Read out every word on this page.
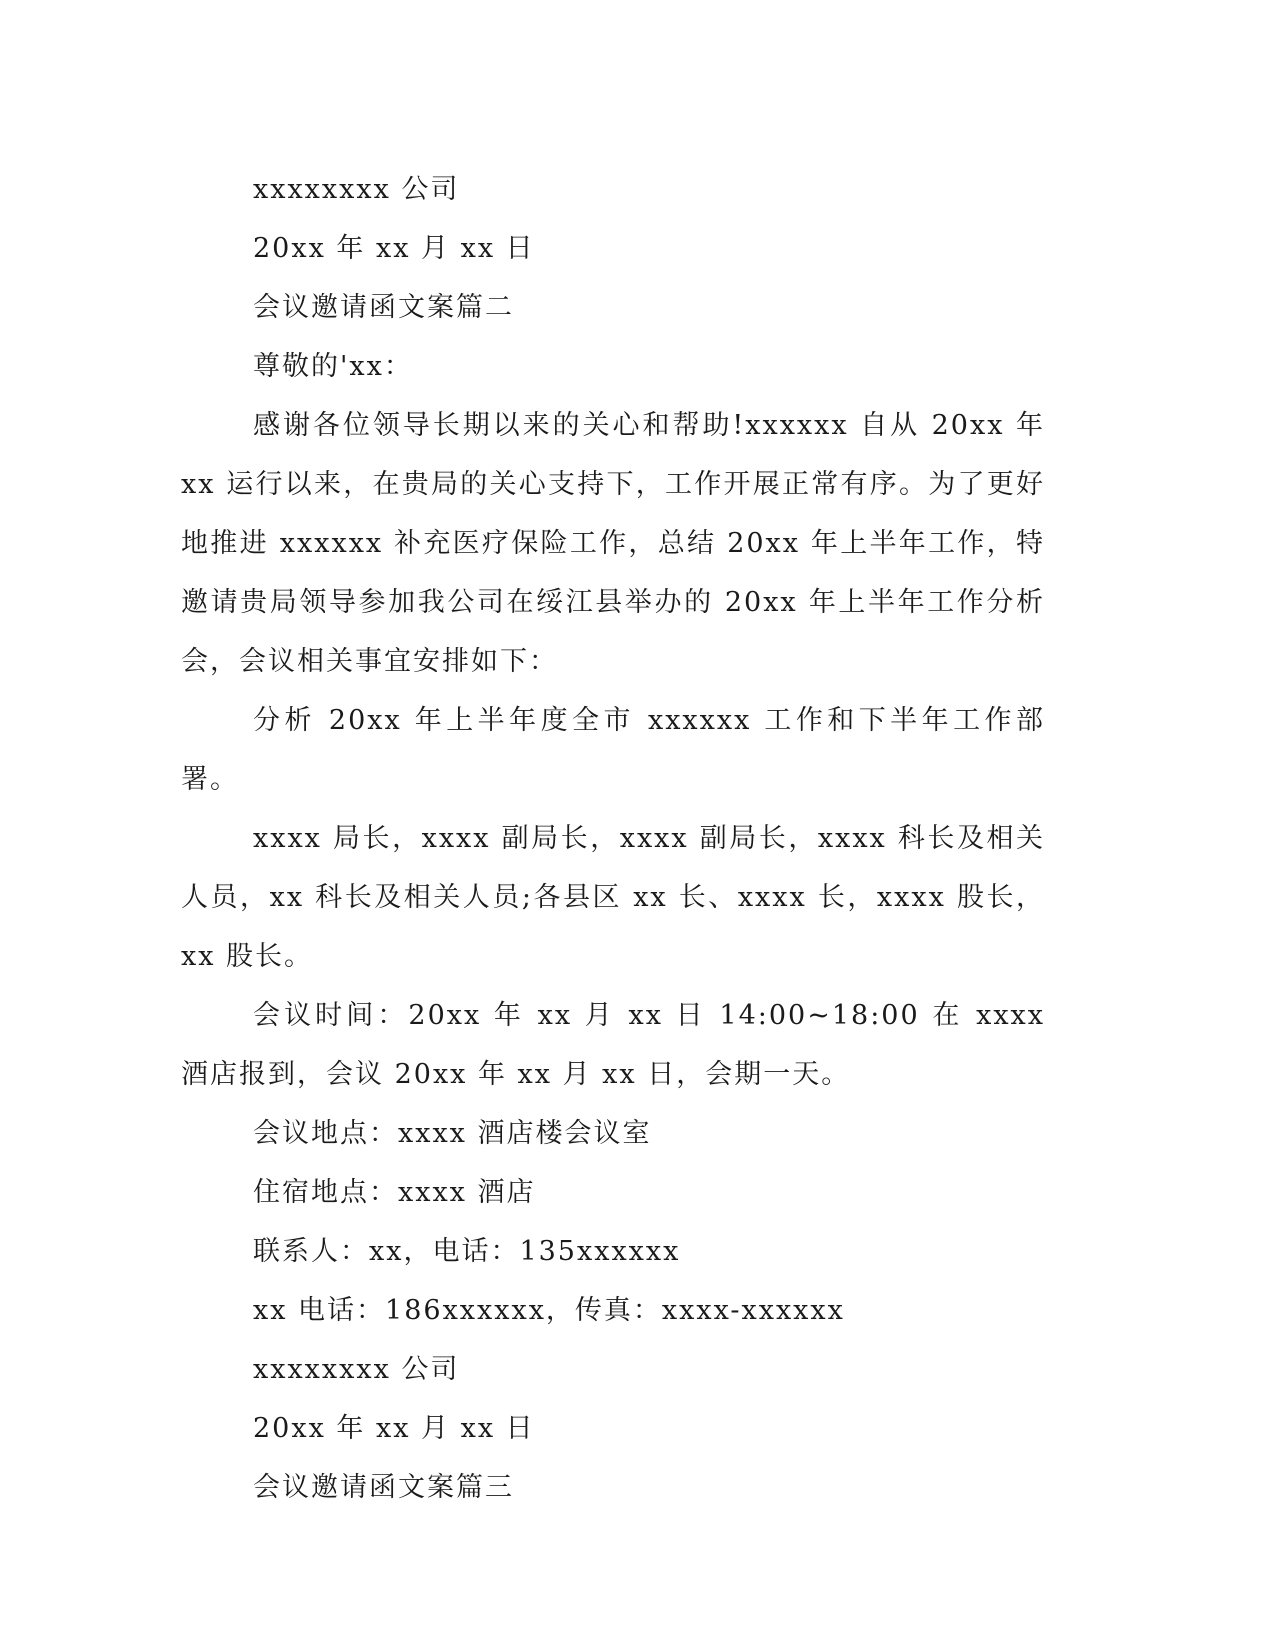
xxxxxxxx 公司
20xx 年 xx 月 xx 日
会议邀请函文案篇二
尊敬的'xx：

感谢各位领导长期以来的关心和帮助!xxxxxx 自从 20xx 年 xx 运行以来，在贵局的关心支持下，工作开展正常有序。为了更好地推进 xxxxxx 补充医疗保险工作，总结 20xx 年上半年工作，特邀请贵局领导参加我公司在绥江县举办的 20xx 年上半年工作分析会，会议相关事宜安排如下：

分析 20xx 年上半年度全市 xxxxxx 工作和下半年工作部署。

xxxx 局长，xxxx 副局长，xxxx 副局长，xxxx 科长及相关人员，xx 科长及相关人员;各县区 xx 长、xxxx 长，xxxx 股长，xx 股长。

会议时间：20xx 年 xx 月 xx 日 14:00~18:00 在 xxxx 酒店报到，会议 20xx 年 xx 月 xx 日，会期一天。

会议地点：xxxx 酒店楼会议室
住宿地点：xxxx 酒店
联系人：xx，电话：135xxxxxx
xx 电话：186xxxxxx，传真：xxxx-xxxxxx
xxxxxxxx 公司
20xx 年 xx 月 xx 日
会议邀请函文案篇三
